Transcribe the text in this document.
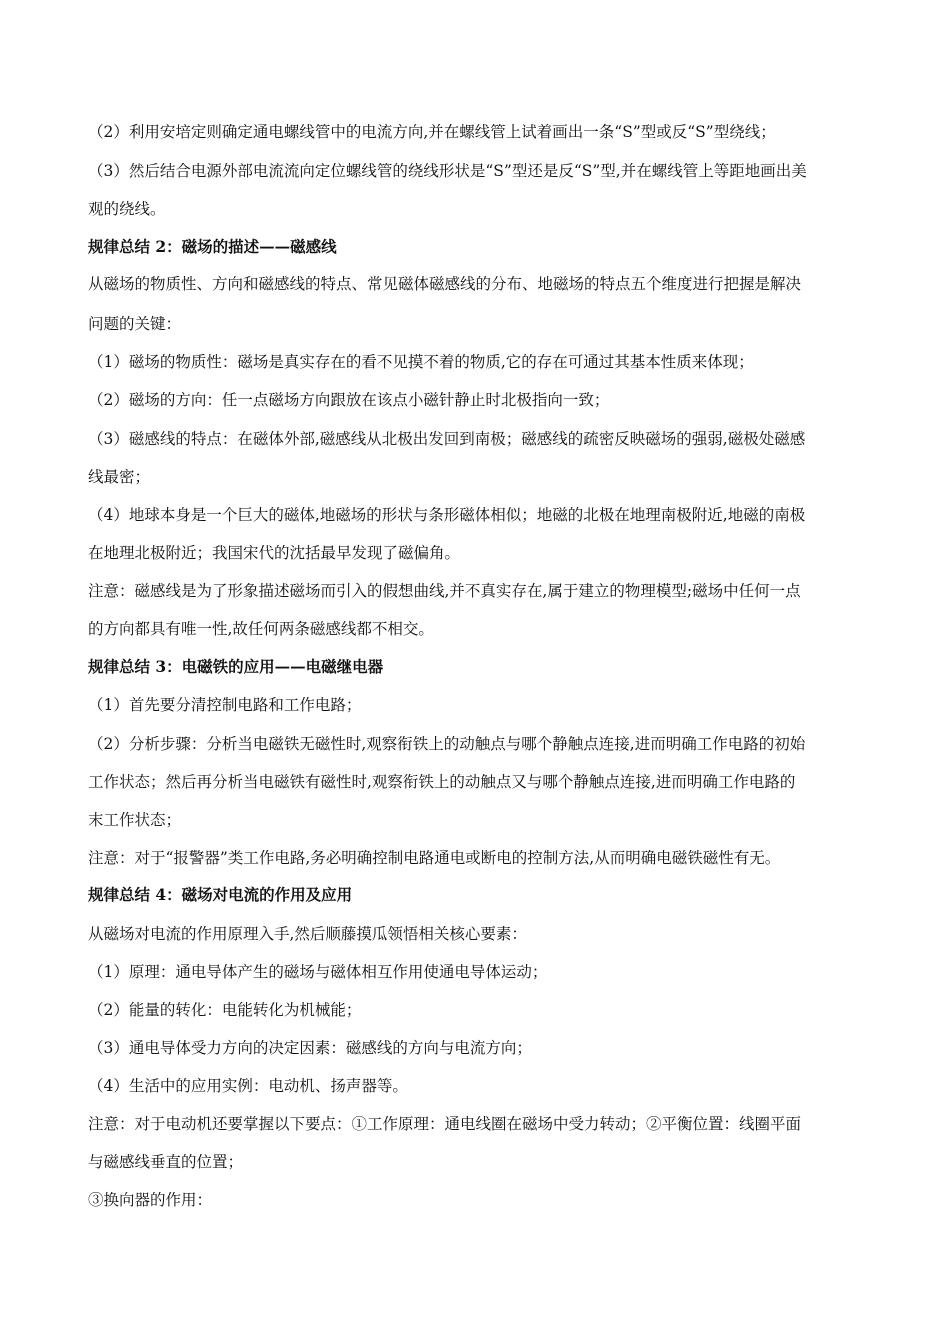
（2）利用安培定则确定通电螺线管中的电流方向,并在螺线管上试着画出一条“S”型或反“S”型绕线；
（3）然后结合电源外部电流流向定位螺线管的绕线形状是“S”型还是反“S”型,并在螺线管上等距地画出美
观的绕线。
规律总结 2：磁场的描述——磁感线
从磁场的物质性、方向和磁感线的特点、常见磁体磁感线的分布、地磁场的特点五个维度进行把握是解决
问题的关键：
（1）磁场的物质性：磁场是真实存在的看不见摸不着的物质,它的存在可通过其基本性质来体现；
（2）磁场的方向：任一点磁场方向跟放在该点小磁针静止时北极指向一致；
（3）磁感线的特点：在磁体外部,磁感线从北极出发回到南极；磁感线的疏密反映磁场的强弱,磁极处磁感
线最密；
（4）地球本身是一个巨大的磁体,地磁场的形状与条形磁体相似；地磁的北极在地理南极附近,地磁的南极
在地理北极附近；我国宋代的沈括最早发现了磁偏角。
注意：磁感线是为了形象描述磁场而引入的假想曲线,并不真实存在,属于建立的物理模型;磁场中任何一点
的方向都具有唯一性,故任何两条磁感线都不相交。
规律总结 3：电磁铁的应用——电磁继电器
（1）首先要分清控制电路和工作电路；
（2）分析步骤：分析当电磁铁无磁性时,观察衔铁上的动触点与哪个静触点连接,进而明确工作电路的初始
工作状态；然后再分析当电磁铁有磁性时,观察衔铁上的动触点又与哪个静触点连接,进而明确工作电路的
末工作状态；
注意：对于“报警器”类工作电路,务必明确控制电路通电或断电的控制方法,从而明确电磁铁磁性有无。
规律总结 4：磁场对电流的作用及应用
从磁场对电流的作用原理入手,然后顺藤摸瓜领悟相关核心要素：
（1）原理：通电导体产生的磁场与磁体相互作用使通电导体运动；
（2）能量的转化：电能转化为机械能；
（3）通电导体受力方向的决定因素：磁感线的方向与电流方向；
（4）生活中的应用实例：电动机、扬声器等。
注意：对于电动机还要掌握以下要点：①工作原理：通电线圈在磁场中受力转动；②平衡位置：线圈平面
与磁感线垂直的位置；
③换向器的作用：
